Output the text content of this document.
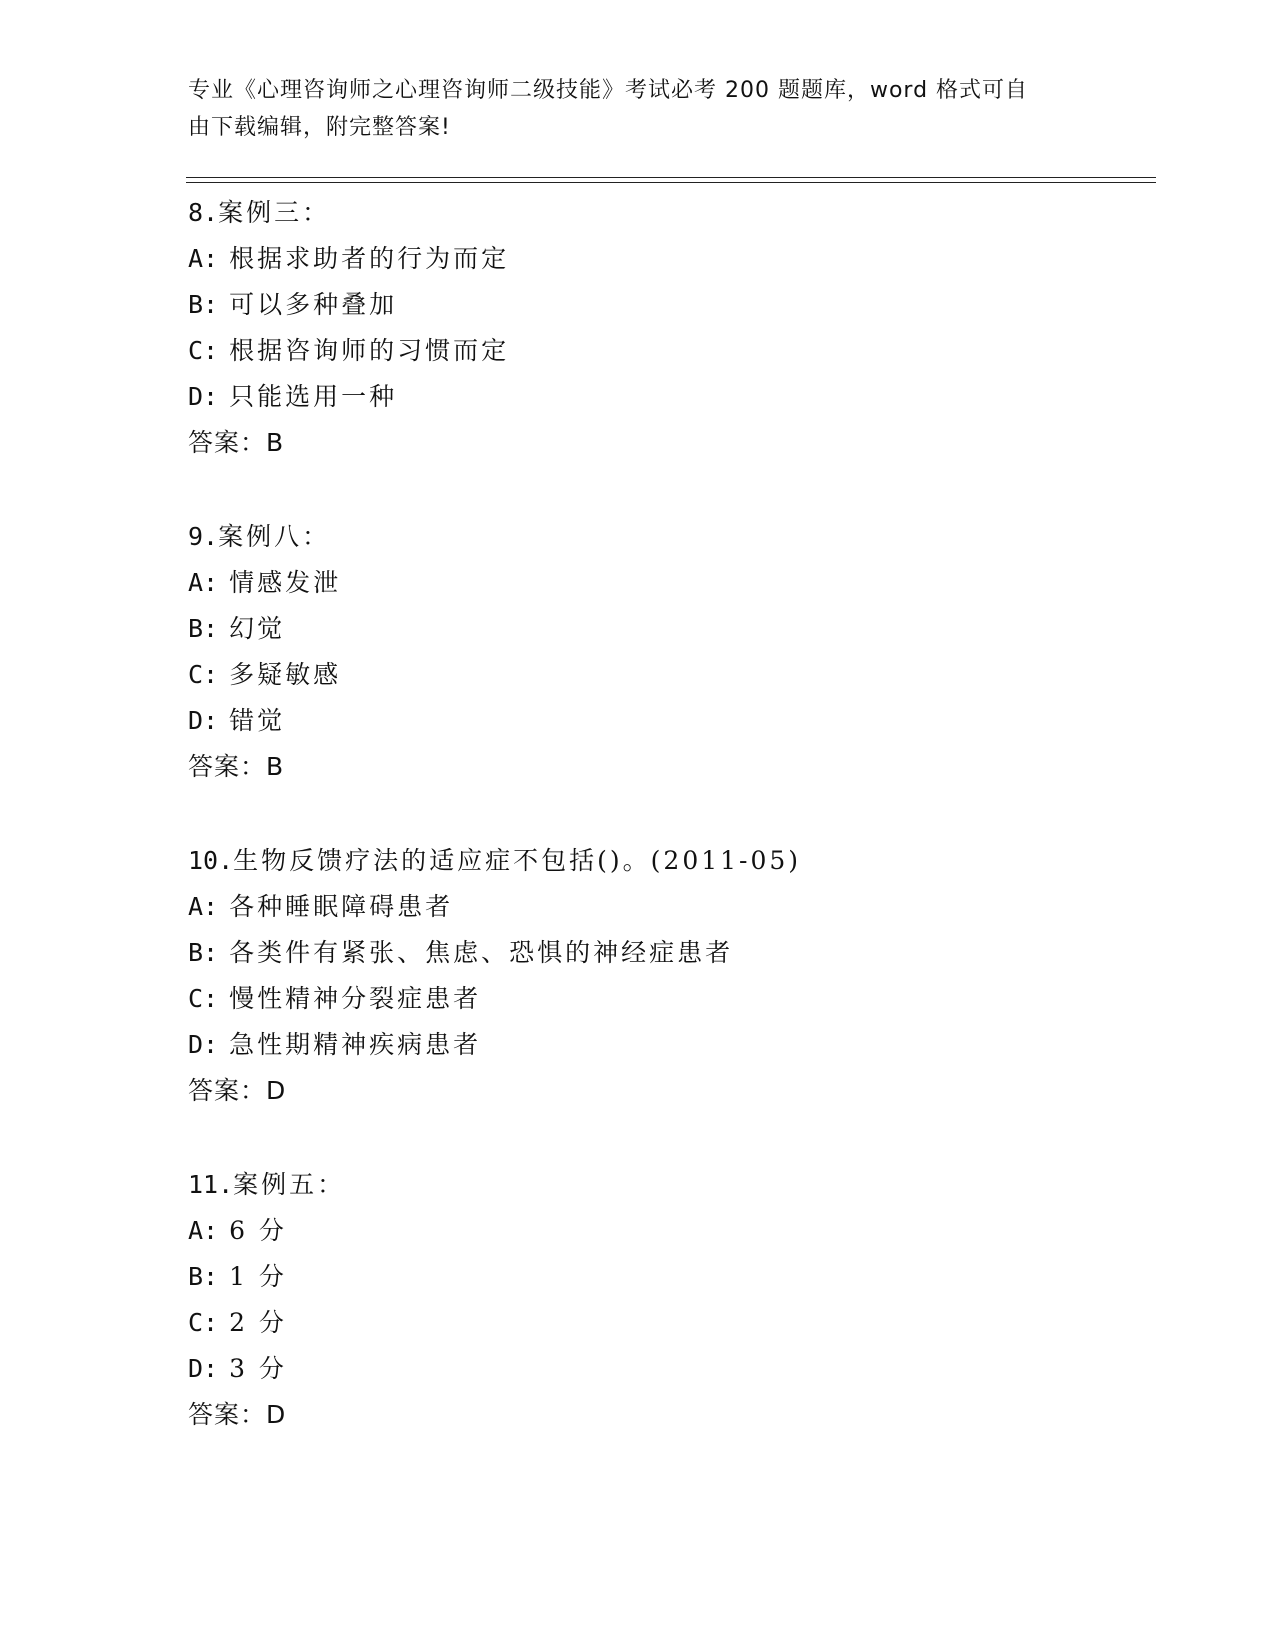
专业《心理咨询师之心理咨询师二级技能》考试必考 200 题题库，word 格式可自
由下载编辑，附完整答案!
8.案例三：
A: 根据求助者的行为而定
B: 可以多种叠加
C: 根据咨询师的习惯而定
D: 只能选用一种
答案：B
9.案例八：
A: 情感发泄
B: 幻觉
C: 多疑敏感
D: 错觉
答案：B
10.生物反馈疗法的适应症不包括()。(2011-05)
A: 各种睡眠障碍患者
B: 各类件有紧张、焦虑、恐惧的神经症患者
C: 慢性精神分裂症患者
D: 急性期精神疾病患者
答案：D
11.案例五：
A: 6 分
B: 1 分
C: 2 分
D: 3 分
答案：D
